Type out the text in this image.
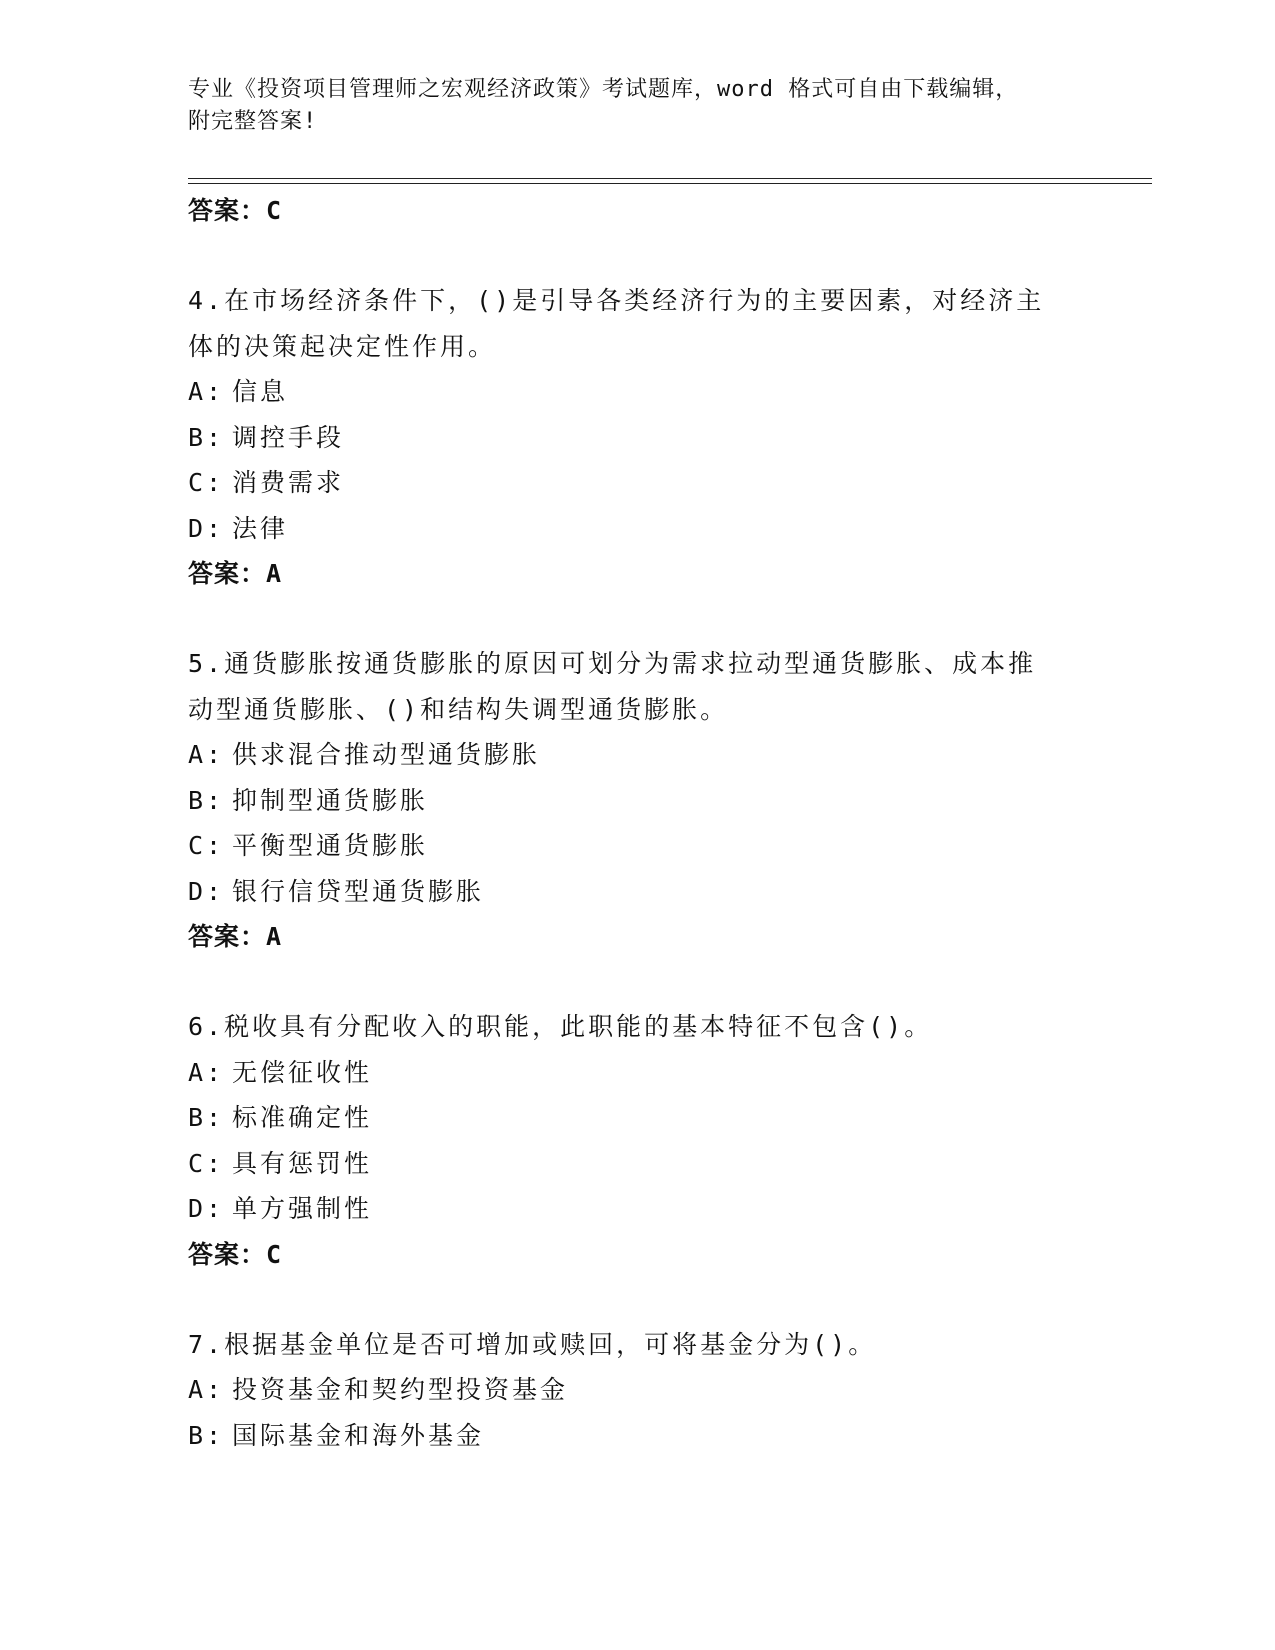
专业《投资项目管理师之宏观经济政策》考试题库，word 格式可自由下载编辑，
附完整答案!
答案：C
4.在市场经济条件下，()是引导各类经济行为的主要因素，对经济主
体的决策起决定性作用。
A: 信息
B: 调控手段
C: 消费需求
D: 法律
答案：A
5.通货膨胀按通货膨胀的原因可划分为需求拉动型通货膨胀、成本推
动型通货膨胀、()和结构失调型通货膨胀。
A: 供求混合推动型通货膨胀
B: 抑制型通货膨胀
C: 平衡型通货膨胀
D: 银行信贷型通货膨胀
答案：A
6.税收具有分配收入的职能，此职能的基本特征不包含()。
A: 无偿征收性
B: 标准确定性
C: 具有惩罚性
D: 单方强制性
答案：C
7.根据基金单位是否可增加或赎回，可将基金分为()。
A: 投资基金和契约型投资基金
B: 国际基金和海外基金
